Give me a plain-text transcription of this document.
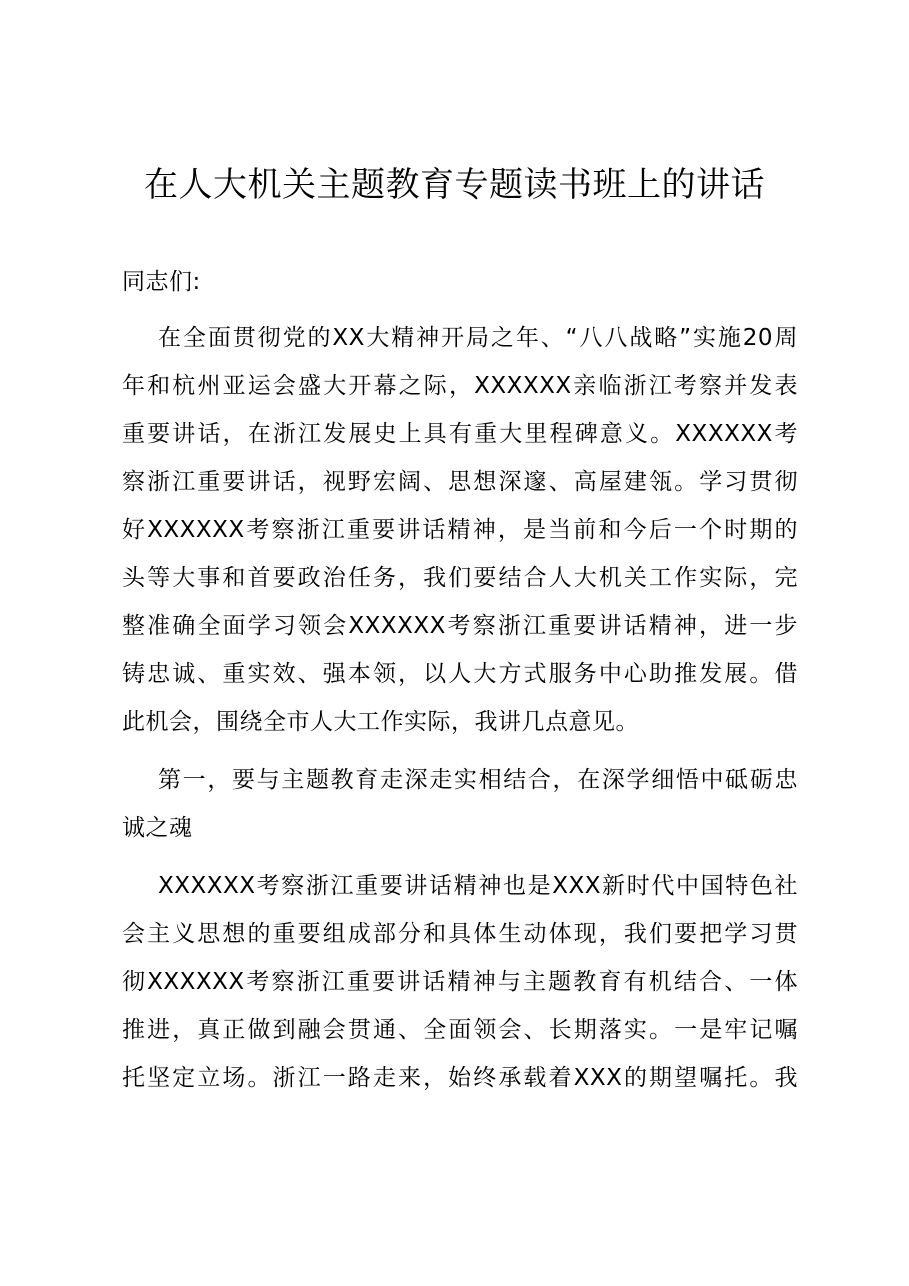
在人大机关主题教育专题读书班上的讲话
同志们:
在全面贯彻党的XX大精神开局之年、“八八战略”实施20周
年和杭州亚运会盛大开幕之际，XXXXXX亲临浙江考察并发表
重要讲话，在浙江发展史上具有重大里程碑意义。XXXXXX考
察浙江重要讲话，视野宏阔、思想深邃、高屋建瓴。学习贯彻
好XXXXXX考察浙江重要讲话精神，是当前和今后一个时期的
头等大事和首要政治任务，我们要结合人大机关工作实际，完
整准确全面学习领会XXXXXX考察浙江重要讲话精神，进一步
铸忠诚、重实效、强本领，以人大方式服务中心助推发展。借
此机会，围绕全市人大工作实际，我讲几点意见。
第一，要与主题教育走深走实相结合，在深学细悟中砥砺忠
诚之魂
XXXXXX考察浙江重要讲话精神也是XXX新时代中国特色社
会主义思想的重要组成部分和具体生动体现，我们要把学习贯
彻XXXXXX考察浙江重要讲话精神与主题教育有机结合、一体
推进，真正做到融会贯通、全面领会、长期落实。一是牢记嘱
托坚定立场。浙江一路走来，始终承载着XXX的期望嘱托。我
